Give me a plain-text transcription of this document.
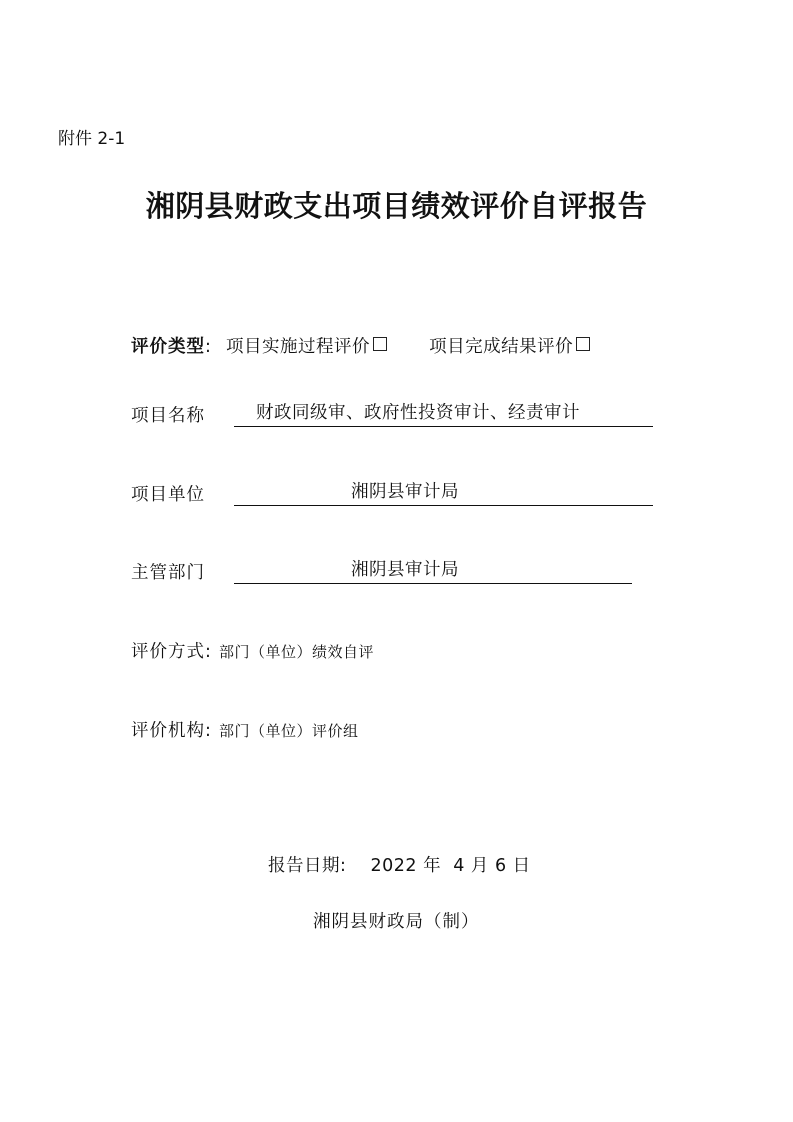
附件 2-1
湘阴县财政支出项目绩效评价自评报告
评价类型: 项目实施过程评价	项目完成结果评价
项目名称	财政同级审、政府性投资审计、经责审计
项目单位	湘阴县审计局
主管部门	湘阴县审计局
评价方式: 部门（单位）绩效自评
评价机构: 部门（单位）评价组
报告日期: 2022 年  4 月 6 日
湘阴县财政局（制）
